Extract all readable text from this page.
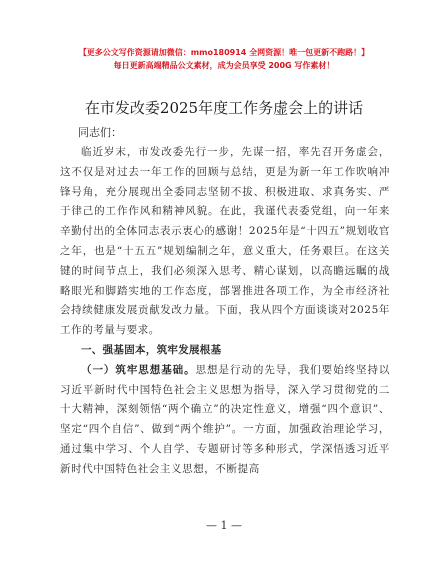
【更多公文写作资源请加微信：mmo180914 全网资源！唯一包更新不跑路！】
每日更新高端精品公文素材，成为会员享受 200G 写作素材！
在市发改委2025年度工作务虚会上的讲话
同志们：

临近岁末，市发改委先行一步，先谋一招，率先召开务虚会，这不仅是对过去一年工作的回顾与总结，更是为新一年工作吹响冲锋号角，充分展现出全委同志坚韧不拔、积极进取、求真务实、严于律己的工作作风和精神风貌。在此，我谨代表委党组，向一年来辛勤付出的全体同志表示衷心的感谢！2025年是“十四五”规划收官之年，也是“十五五”规划编制之年，意义重大，任务艰巨。在这关键的时间节点上，我们必须深入思考、精心谋划，以高瞻远瞩的战略眼光和脚踏实地的工作态度，部署推进各项工作，为全市经济社会持续健康发展贡献发改力量。下面，我从四个方面谈谈对2025年工作的考量与要求。

一、强基固本，筑牢发展根基

（一）筑牢思想基础。思想是行动的先导，我们要始终坚持以习近平新时代中国特色社会主义思想为指导，深入学习贯彻党的二十大精神，深刻领悟“两个确立”的决定性意义，增强“四个意识”、坚定“四个自信”、做到“两个维护”。一方面，加强政治理论学习，通过集中学习、个人自学、专题研讨等多种形式，学深悟透习近平新时代中国特色社会主义思想，不断提高

— 1 —
